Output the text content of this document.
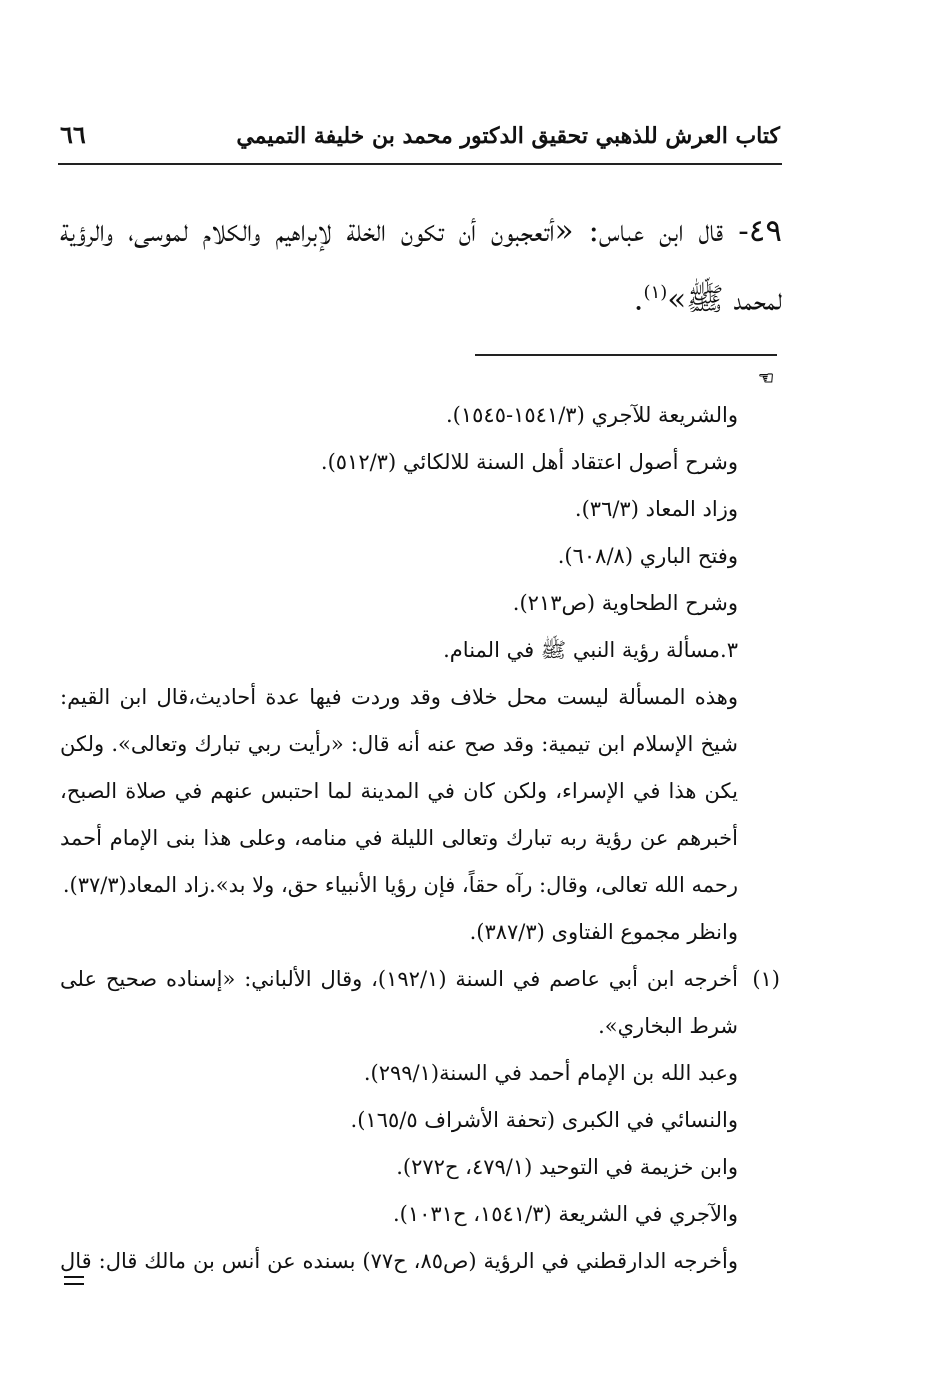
كتاب العرش للذهبي تحقيق الدكتور محمد بن خليفة التميمي
٦٦
٤٩- قال ابن عباس: «أتعجبون أن تكون الخلة لإبراهيم والكلام لموسى، والرؤية لمحمد ﷺ»$^{(١)}$.
☜
والشريعة للآجري (١٥٤١/٣-١٥٤٥).
وشرح أصول اعتقاد أهل السنة للالكائي (٥١٢/٣).
وزاد المعاد (٣٦/٣).
وفتح الباري (٦٠٨/٨).
وشرح الطحاوية (ص٢١٣).
٣.مسألة رؤية النبي ﷺ في المنام.
وهذه المسألة ليست محل خلاف وقد وردت فيها عدة أحاديث،قال ابن القيم:
شيخ الإسلام ابن تيمية: وقد صح عنه أنه قال: «رأيت ربي تبارك وتعالى». ولكن
يكن هذا في الإسراء، ولكن كان في المدينة لما احتبس عنهم في صلاة الصبح،
أخبرهم عن رؤية ربه تبارك وتعالى الليلة في منامه، وعلى هذا بنى الإمام أحمد
رحمه الله تعالى، وقال: رآه حقاً، فإن رؤيا الأنبياء حق، ولا بد».زاد المعاد(٣٧/٣).
وانظر مجموع الفتاوى (٣٨٧/٣).
(١)أخرجه ابن أبي عاصم في السنة (١٩٢/١)، وقال الألباني: «إسناده صحيح على
شرط البخاري».
وعبد الله بن الإمام أحمد في السنة(٢٩٩/١).
والنسائي في الكبرى (تحفة الأشراف ١٦٥/٥).
وابن خزيمة في التوحيد (٤٧٩/١، ح٢٧٢).
والآجري في الشريعة (١٥٤١/٣، ح١٠٣١).
وأخرجه الدارقطني في الرؤية (ص٨٥، ح٧٧) بسنده عن أنس بن مالك قال: قال
